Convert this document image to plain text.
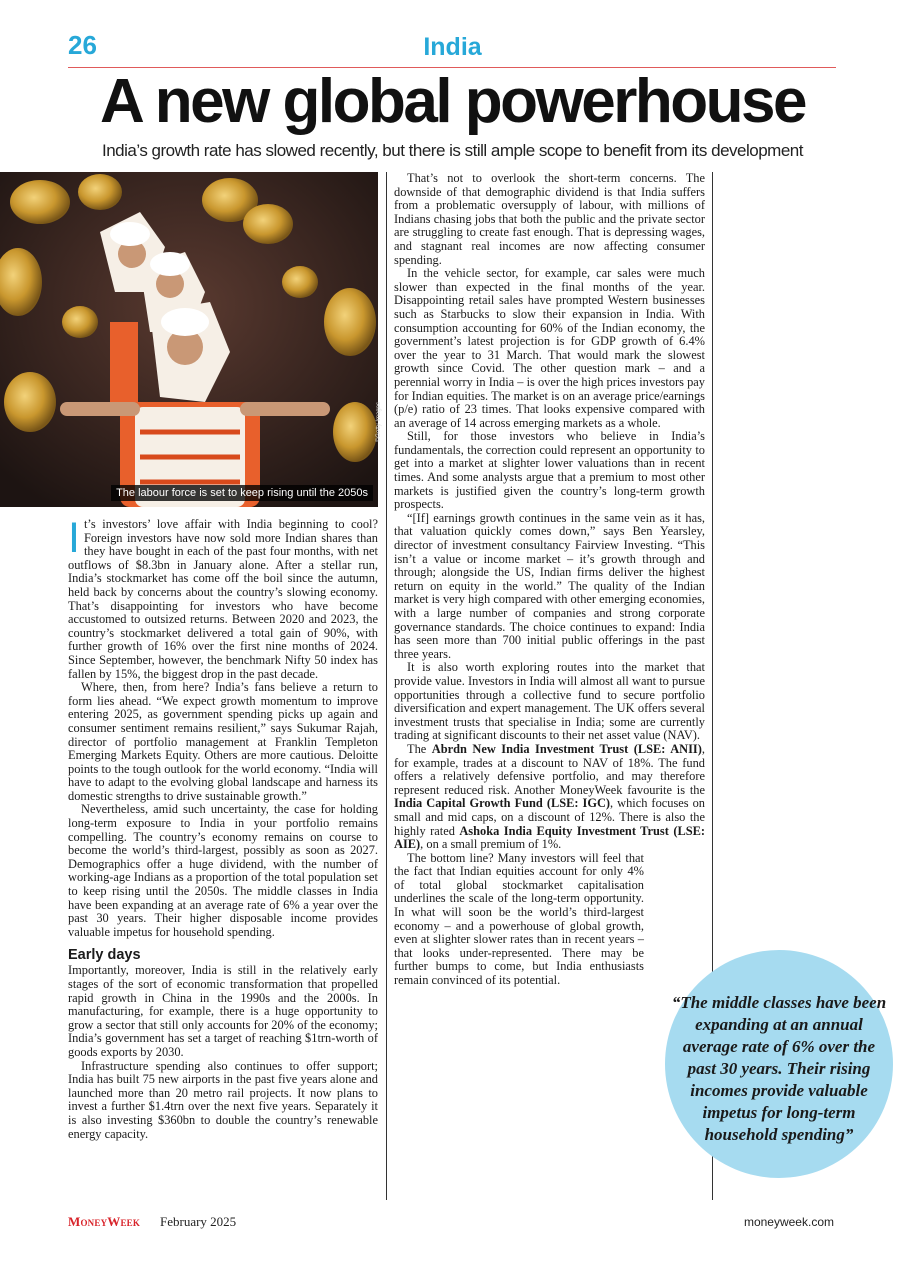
26	India
A new global powerhouse
India’s growth rate has slowed recently, but there is still ample scope to benefit from its development
©Getty Images
The labour force is set to keep rising until the 2050s

It’s investors’ love affair with India beginning to cool? Foreign investors have now sold more Indian shares than they have bought in each of the past four months, with net outflows of $8.3bn in January alone. After a stellar run, India’s stockmarket has come off the boil since the autumn, held back by concerns about the country’s slowing economy. That’s disappointing for investors who have become accustomed to outsized returns. Between 2020 and 2023, the country’s stockmarket delivered a total gain of 90%, with further growth of 16% over the first nine months of 2024. Since September, however, the benchmark Nifty 50 index has fallen by 15%, the biggest drop in the past decade.

Where, then, from here? India’s fans believe a return to form lies ahead. “We expect growth momentum to improve entering 2025, as government spending picks up again and consumer sentiment remains resilient,” says Sukumar Rajah, director of portfolio management at Franklin Templeton Emerging Markets Equity. Others are more cautious. Deloitte points to the tough outlook for the world economy. “India will have to adapt to the evolving global landscape and harness its domestic strengths to drive sustainable growth.”

Nevertheless, amid such uncertainty, the case for holding long-term exposure to India in your portfolio remains compelling. The country’s economy remains on course to become the world’s third-largest, possibly as soon as 2027. Demographics offer a huge dividend, with the number of working-age Indians as a proportion of the total population set to keep rising until the 2050s. The middle classes in India have been expanding at an average rate of 6% a year over the past 30 years. Their higher disposable income provides valuable impetus for household spending.

Early days

Importantly, moreover, India is still in the relatively early stages of the sort of economic transformation that propelled rapid growth in China in the 1990s and the 2000s. In manufacturing, for example, there is a huge opportunity to grow a sector that still only accounts for 20% of the economy; India’s government has set a target of reaching $1trn-worth of goods exports by 2030.

Infrastructure spending also continues to offer support; India has built 75 new airports in the past five years alone and launched more than 20 metro rail projects. It now plans to invest a further $1.4trn over the next five years. Separately it is also investing $360bn to double the country’s renewable energy capacity.

That’s not to overlook the short-term concerns. The downside of that demographic dividend is that India suffers from a problematic oversupply of labour, with millions of Indians chasing jobs that both the public and the private sector are struggling to create fast enough. That is depressing wages, and stagnant real incomes are now affecting consumer spending.

In the vehicle sector, for example, car sales were much slower than expected in the final months of the year. Disappointing retail sales have prompted Western businesses such as Starbucks to slow their expansion in India. With consumption accounting for 60% of the Indian economy, the government’s latest projection is for GDP growth of 6.4% over the year to 31 March. That would mark the slowest growth since Covid. The other question mark – and a perennial worry in India – is over the high prices investors pay for Indian equities. The market is on an average price/earnings (p/e) ratio of 23 times. That looks expensive compared with an average of 14 across emerging markets as a whole.

Still, for those investors who believe in India’s fundamentals, the correction could represent an opportunity to get into a market at slighter lower valuations than in recent times. And some analysts argue that a premium to most other markets is justified given the country’s long-term growth prospects.

“[If] earnings growth continues in the same vein as it has, that valuation quickly comes down,” says Ben Yearsley, director of investment consultancy Fairview Investing. “This isn’t a value or income market – it’s growth through and through; alongside the US, Indian firms deliver the highest return on equity in the world.” The quality of the Indian market is very high compared with other emerging economies, with a large number of companies and strong corporate governance standards. The choice continues to expand: India has seen more than 700 initial public offerings in the past three years.

It is also worth exploring routes into the market that provide value. Investors in India will almost all want to pursue opportunities through a collective fund to secure portfolio diversification and expert management. The UK offers several investment trusts that specialise in India; some are currently trading at significant discounts to their net asset value (NAV).

The Abrdn New India Investment Trust (LSE: ANII), for example, trades at a discount to NAV of 18%. The fund offers a relatively defensive portfolio, and may therefore represent reduced risk. Another MoneyWeek favourite is the India Capital Growth Fund (LSE: IGC), which focuses on small and mid caps, on a discount of 12%. There is also the highly rated Ashoka India Equity Investment Trust (LSE: AIE), on a small premium of 1%.

The bottom line? Many investors will feel that the fact that Indian equities account for only 4% of total global stockmarket capitalisation underlines the scale of the long-term opportunity. In what will soon be the world’s third-largest economy – and a powerhouse of global growth, even at slighter slower rates than in recent years – that looks under-represented. There may be further bumps to come, but India enthusiasts remain convinced of its potential.

“The middle classes have been expanding at an annual average rate of 6% over the past 30 years. Their rising incomes provide valuable impetus for long-term household spending”
MoneyWeek February 2025	moneyweek.com
